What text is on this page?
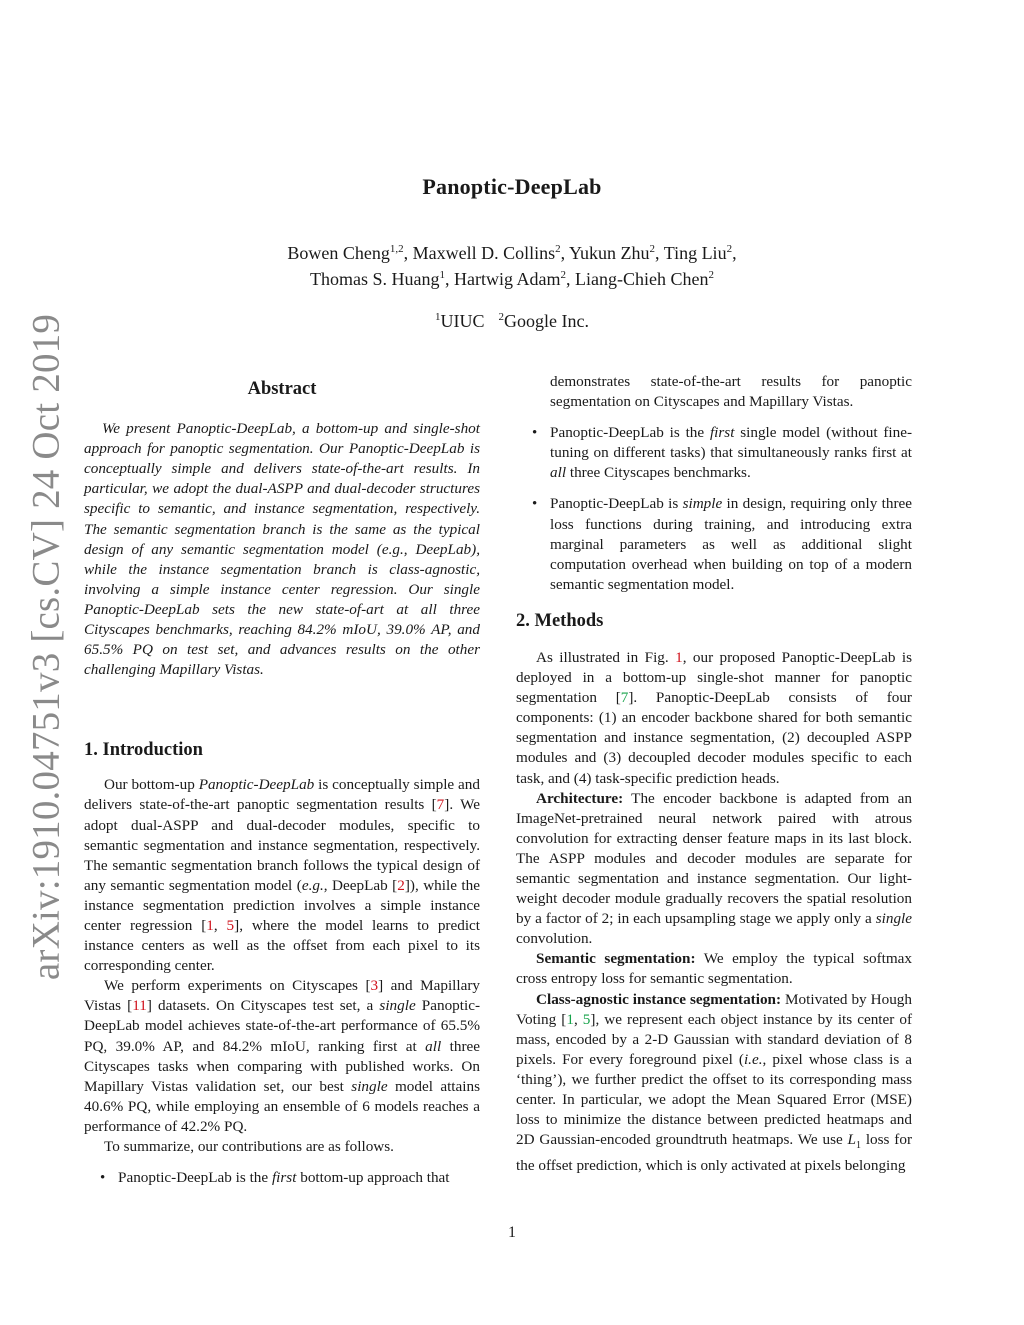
arXiv:1910.04751v3 [cs.CV] 24 Oct 2019
Panoptic-DeepLab
Bowen Cheng$^{1,2}$, Maxwell D. Collins$^2$, Yukun Zhu$^2$, Ting Liu$^2$,
Thomas S. Huang$^1$, Hartwig Adam$^2$, Liang-Chieh Chen$^2$
$^1$UIUC $^2$Google Inc.
Abstract

We present Panoptic-DeepLab, a bottom-up and single-shot approach for panoptic segmentation. Our Panoptic-DeepLab is conceptually simple and delivers state-of-the-art results. In particular, we adopt the dual-ASPP and dual-decoder structures specific to semantic, and instance segmentation, respectively. The semantic segmentation branch is the same as the typical design of any semantic segmentation model (e.g., DeepLab), while the instance segmentation branch is class-agnostic, involving a simple instance center regression. Our single Panoptic-DeepLab sets the new state-of-art at all three Cityscapes benchmarks, reaching 84.2% mIoU, 39.0% AP, and 65.5% PQ on test set, and advances results on the other challenging Mapillary Vistas.

1. Introduction

Our bottom-up Panoptic-DeepLab is conceptually simple and delivers state-of-the-art panoptic segmentation results [7]. We adopt dual-ASPP and dual-decoder modules, specific to semantic segmentation and instance segmentation, respectively. The semantic segmentation branch follows the typical design of any semantic segmentation model (e.g., DeepLab [2]), while the instance segmentation prediction involves a simple instance center regression [1, 5], where the model learns to predict instance centers as well as the offset from each pixel to its corresponding center.

We perform experiments on Cityscapes [3] and Mapillary Vistas [11] datasets. On Cityscapes test set, a single Panoptic-DeepLab model achieves state-of-the-art performance of 65.5% PQ, 39.0% AP, and 84.2% mIoU, ranking first at all three Cityscapes tasks when comparing with published works. On Mapillary Vistas validation set, our best single model attains 40.6% PQ, while employing an ensemble of 6 models reaches a performance of 42.2% PQ.

To summarize, our contributions are as follows.

• Panoptic-DeepLab is the first bottom-up approach that
demonstrates state-of-the-art results for panoptic segmentation on Cityscapes and Mapillary Vistas.
• Panoptic-DeepLab is the first single model (without fine-tuning on different tasks) that simultaneously ranks first at all three Cityscapes benchmarks.
• Panoptic-DeepLab is simple in design, requiring only three loss functions during training, and introducing extra marginal parameters as well as additional slight computation overhead when building on top of a modern semantic segmentation model.
2. Methods

As illustrated in Fig. 1, our proposed Panoptic-DeepLab is deployed in a bottom-up single-shot manner for panoptic segmentation [7]. Panoptic-DeepLab consists of four components: (1) an encoder backbone shared for both semantic segmentation and instance segmentation, (2) decoupled ASPP modules and (3) decoupled decoder modules specific to each task, and (4) task-specific prediction heads.

Architecture: The encoder backbone is adapted from an ImageNet-pretrained neural network paired with atrous convolution for extracting denser feature maps in its last block. The ASPP modules and decoder modules are separate for semantic segmentation and instance segmentation. Our light-weight decoder module gradually recovers the spatial resolution by a factor of 2; in each upsampling stage we apply only a single convolution.

Semantic segmentation: We employ the typical softmax cross entropy loss for semantic segmentation.

Class-agnostic instance segmentation: Motivated by Hough Voting [1, 5], we represent each object instance by its center of mass, encoded by a 2-D Gaussian with standard deviation of 8 pixels. For every foreground pixel (i.e., pixel whose class is a ‘thing’), we further predict the offset to its corresponding mass center. In particular, we adopt the Mean Squared Error (MSE) loss to minimize the distance between predicted heatmaps and 2D Gaussian-encoded groundtruth heatmaps. We use $L_1$ loss for the offset prediction, which is only activated at pixels belonging

1
